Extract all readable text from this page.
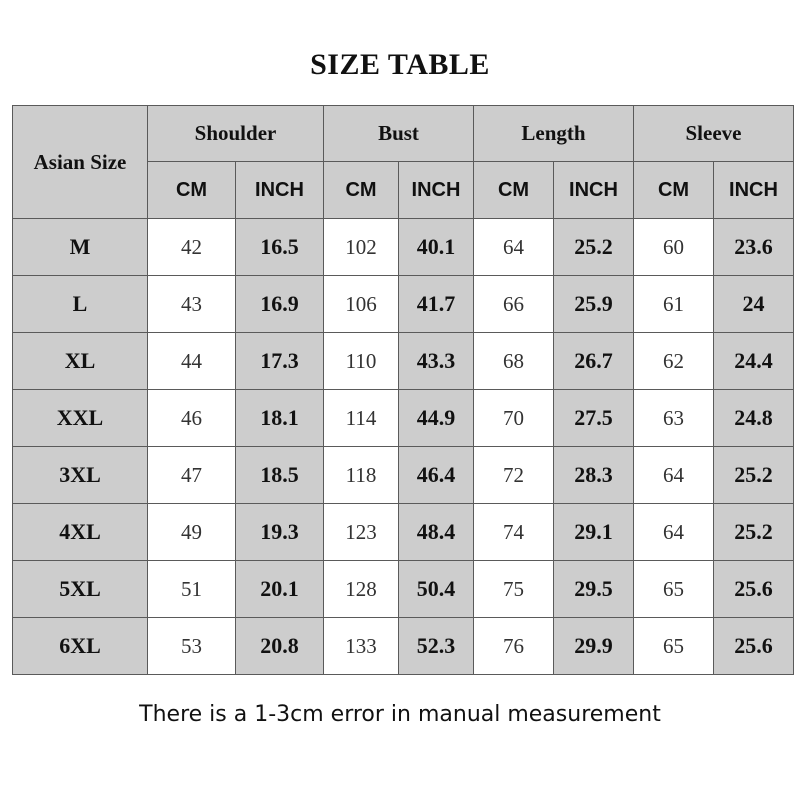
SIZE TABLE
Asian Size	Shoulder		Bust		Length		Sleeve	
	CM	INCH	CM	INCH	CM	INCH	CM	INCH
M	42	16.5	102	40.1	64	25.2	60	23.6
L	43	16.9	106	41.7	66	25.9	61	24
XL	44	17.3	110	43.3	68	26.7	62	24.4
XXL	46	18.1	114	44.9	70	27.5	63	24.8
3XL	47	18.5	118	46.4	72	28.3	64	25.2
4XL	49	19.3	123	48.4	74	29.1	64	25.2
5XL	51	20.1	128	50.4	75	29.5	65	25.6
6XL	53	20.8	133	52.3	76	29.9	65	25.6
There is a 1-3cm error in manual measurement
